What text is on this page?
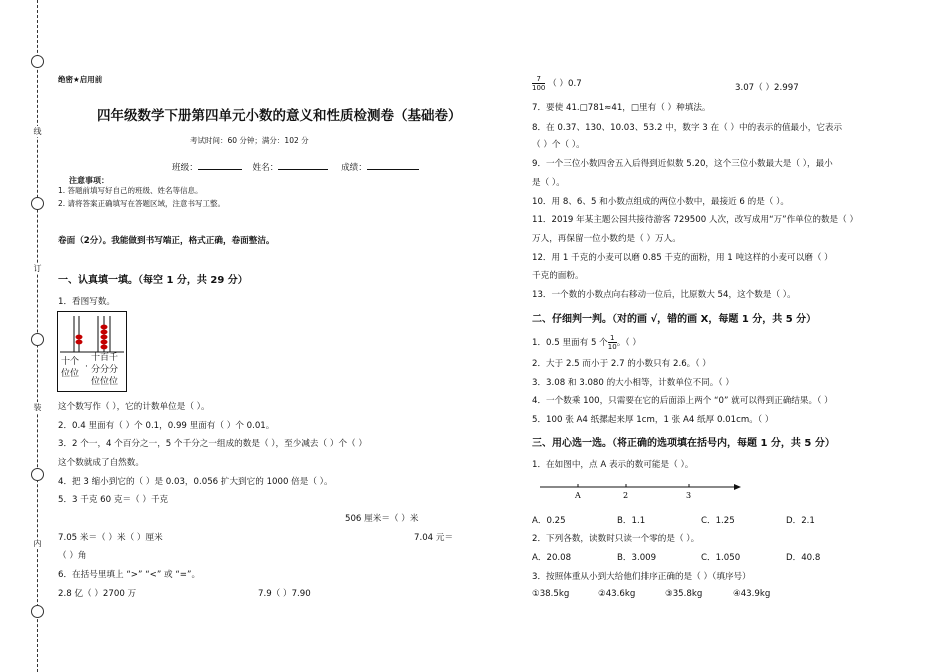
线
订
装
内
绝密★启用前
四年级数学下册第四单元小数的意义和性质检测卷（基础卷）
考试时间：60 分钟；满分：102 分
班级：	姓名：	成绩：
注意事项：
1. 答题前填写好自己的班级、姓名等信息。
2. 请将答案正确填写在答题区域，注意书写工整。
卷面（2分）。我能做到书写端正，格式正确，卷面整洁。
一、认真填一填。（每空 1 分，共 29 分）
1．看图写数。
十个
位位
·
十百千
分分分
位位位
这个数写作（ ），它的计数单位是（ ）。
2．0.4 里面有（ ）个 0.1，0.99 里面有（ ）个 0.01。
3．2 个一，4 个百分之一，5 个千分之一组成的数是（ ），至少减去（ ）个（ ）
这个数就成了自然数。
4．把 3 缩小到它的（ ）是 0.03，0.056 扩大到它的 1000 倍是（ ）。
5．3 千克 60 克＝（ ）千克
506 厘米＝（ ）米
7.05 米＝（ ）米（ ）厘米	7.04 元＝
（ ）角
6．在括号里填上 “>” “<” 或 “=”。
2.8 亿（ ）2700 万	7.9（ ）7.90
$\frac{7}{100}$ （ ）0.7	3.07（ ）2.997
7．要使 41.□781≈41，□里有（ ）种填法。
8．在 0.37、130、10.03、53.2 中，数字 3 在（ ）中的表示的值最小，它表示
（ ）个（ ）。
9．一个三位小数四舍五入后得到近似数 5.20，这个三位小数最大是（ ），最小
是（ ）。
10．用 8、6、5 和小数点组成的两位小数中，最接近 6 的是（ ）。
11．2019 年某主题公园共接待游客 729500 人次，改写成用“万”作单位的数是（ ）
万人，再保留一位小数约是（ ）万人。
12．用 1 千克的小麦可以磨 0.85 千克的面粉，用 1 吨这样的小麦可以磨（ ）
千克的面粉。
13．一个数的小数点向右移动一位后，比原数大 54，这个数是（ ）。
二、仔细判一判。（对的画 √，错的画 X，每题 1 分，共 5 分）
1．0.5 里面有 5 个 $\frac{1}{10}$ 。（ ）
2．大于 2.5 而小于 2.7 的小数只有 2.6。（ ）
3．3.08 和 3.080 的大小相等，计数单位不同。（ ）
4．一个数乘 100，只需要在它的后面添上两个 “0” 就可以得到正确结果。（ ）
5．100 张 A4 纸摞起来厚 1cm，1 张 A4 纸厚 0.01cm。（ ）
三、用心选一选。（将正确的选项填在括号内，每题 1 分，共 5 分）
1．在如图中，点 A 表示的数可能是（ ）。
A	2	3
A．0.25	B．1.1	C．1.25	D．2.1
2．下列各数，读数时只读一个零的是（ ）。
A．20.08	B．3.009	C．1.050	D．40.8
3．按照体重从小到大给他们排序正确的是（ ）（填序号）
①38.5kg	②43.6kg	③35.8kg	④43.9kg
